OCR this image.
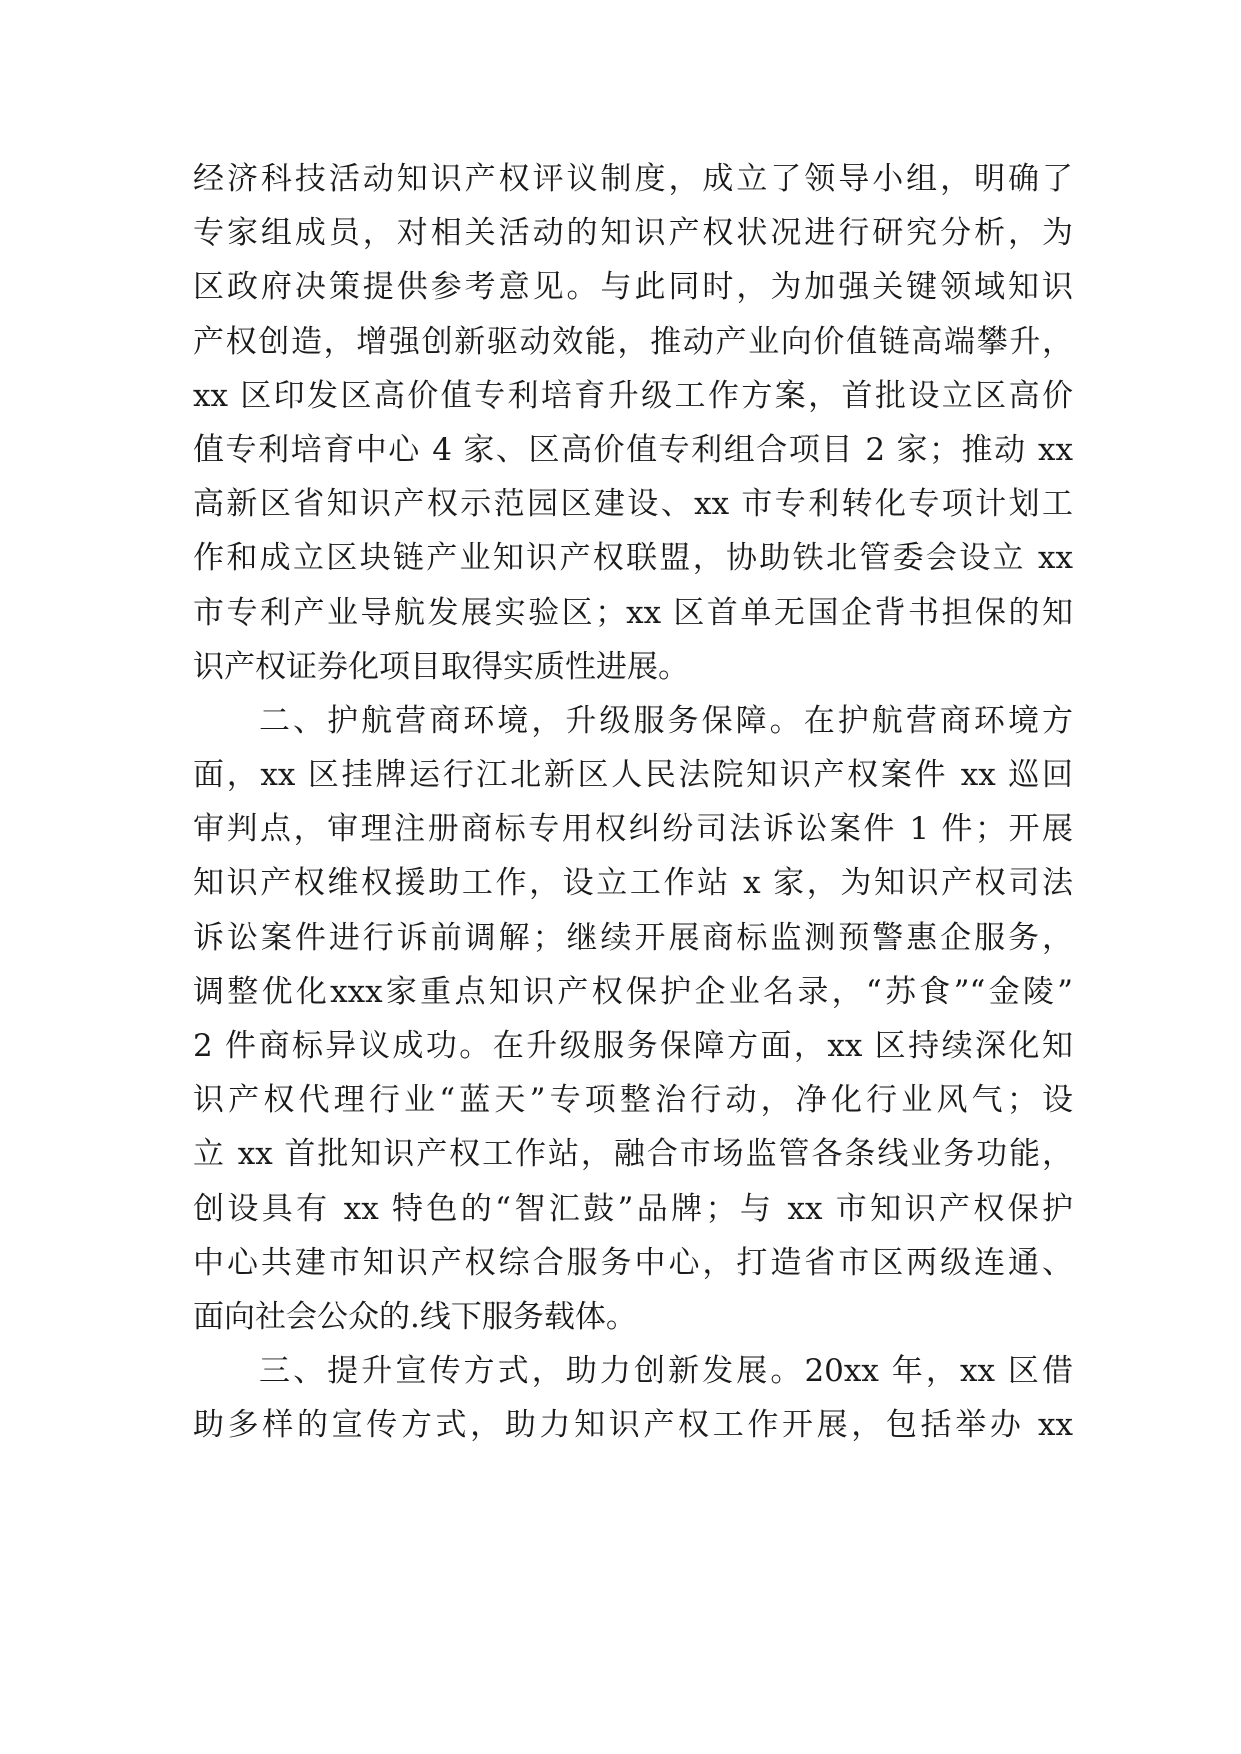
经济科技活动知识产权评议制度，成立了领导小组，明确了
专家组成员，对相关活动的知识产权状况进行研究分析，为
区政府决策提供参考意见。与此同时，为加强关键领域知识
产权创造，增强创新驱动效能，推动产业向价值链高端攀升，
xx 区印发区高价值专利培育升级工作方案，首批设立区高价
值专利培育中心 4 家、区高价值专利组合项目 2 家；推动 xx
高新区省知识产权示范园区建设、xx 市专利转化专项计划工
作和成立区块链产业知识产权联盟，协助铁北管委会设立 xx
市专利产业导航发展实验区；xx 区首单无国企背书担保的知
识产权证券化项目取得实质性进展。
二、护航营商环境，升级服务保障。在护航营商环境方
面，xx 区挂牌运行江北新区人民法院知识产权案件 xx 巡回
审判点，审理注册商标专用权纠纷司法诉讼案件 1 件；开展
知识产权维权援助工作，设立工作站 x 家，为知识产权司法
诉讼案件进行诉前调解；继续开展商标监测预警惠企服务，
调整优化xxx家重点知识产权保护企业名录，“苏食”“金陵”
2 件商标异议成功。在升级服务保障方面，xx 区持续深化知
识产权代理行业“蓝天”专项整治行动，净化行业风气；设
立 xx 首批知识产权工作站，融合市场监管各条线业务功能，
创设具有 xx 特色的“智汇鼓”品牌；与 xx 市知识产权保护
中心共建市知识产权综合服务中心，打造省市区两级连通、
面向社会公众的.线下服务载体。
三、提升宣传方式，助力创新发展。20xx 年，xx 区借
助多样的宣传方式，助力知识产权工作开展，包括举办 xx
